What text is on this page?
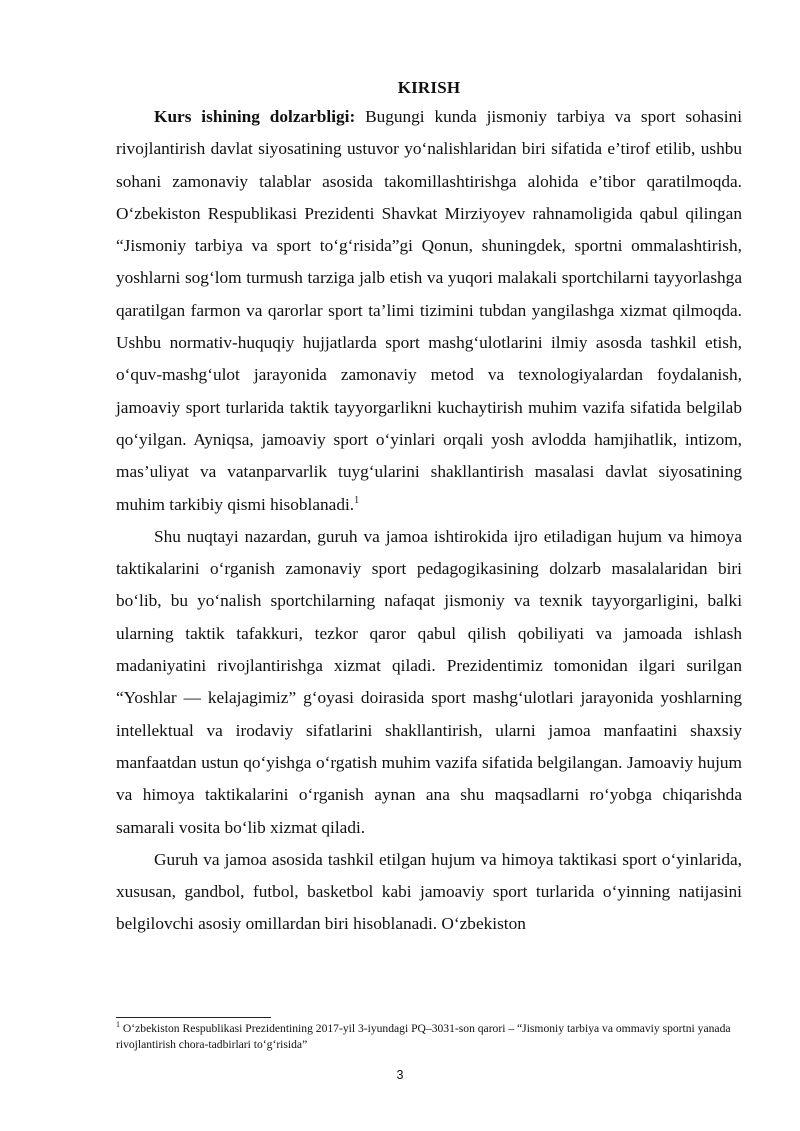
KIRISH

Kurs ishining dolzarbligi: Bugungi kunda jismoniy tarbiya va sport sohasini rivojlantirish davlat siyosatining ustuvor yo‘nalishlaridan biri sifatida e’tirof etilib, ushbu sohani zamonaviy talablar asosida takomillashtirishga alohida e’tibor qaratilmoqda. O‘zbekiston Respublikasi Prezidenti Shavkat Mirziyoyev rahnamoligida qabul qilingan “Jismoniy tarbiya va sport to‘g‘risida”gi Qonun, shuningdek, sportni ommalashtirish, yoshlarni sog‘lom turmush tarziga jalb etish va yuqori malakali sportchilarni tayyorlashga qaratilgan farmon va qarorlar sport ta’limi tizimini tubdan yangilashga xizmat qilmoqda. Ushbu normativ-huquqiy hujjatlarda sport mashg‘ulotlarini ilmiy asosda tashkil etish, o‘quv-mashg‘ulot jarayonida zamonaviy metod va texnologiyalardan foydalanish, jamoaviy sport turlarida taktik tayyorgarlikni kuchaytirish muhim vazifa sifatida belgilab qo‘yilgan. Ayniqsa, jamoaviy sport o‘yinlari orqali yosh avlodda hamjihatlik, intizom, mas’uliyat va vatanparvarlik tuyg‘ularini shakllantirish masalasi davlat siyosatining muhim tarkibiy qismi hisoblanadi.$^1$

Shu nuqtayi nazardan, guruh va jamoa ishtirokida ijro etiladigan hujum va himoya taktikalarini o‘rganish zamonaviy sport pedagogikasining dolzarb masalalaridan biri bo‘lib, bu yo‘nalish sportchilarning nafaqat jismoniy va texnik tayyorgarligini, balki ularning taktik tafakkuri, tezkor qaror qabul qilish qobiliyati va jamoada ishlash madaniyatini rivojlantirishga xizmat qiladi. Prezidentimiz tomonidan ilgari surilgan “Yoshlar — kelajagimiz” g‘oyasi doirasida sport mashg‘ulotlari jarayonida yoshlarning intellektual va irodaviy sifatlarini shakllantirish, ularni jamoa manfaatini shaxsiy manfaatdan ustun qo‘yishga o‘rgatish muhim vazifa sifatida belgilangan. Jamoaviy hujum va himoya taktikalarini o‘rganish aynan ana shu maqsadlarni ro‘yobga chiqarishda samarali vosita bo‘lib xizmat qiladi.

Guruh va jamoa asosida tashkil etilgan hujum va himoya taktikasi sport o‘yinlarida, xususan, gandbol, futbol, basketbol kabi jamoaviy sport turlarida o‘yinning natijasini belgilovchi asosiy omillardan biri hisoblanadi. O‘zbekiston

$^1$ O‘zbekiston Respublikasi Prezidentining 2017-yil 3-iyundagi PQ–3031-son qarori – “Jismoniy tarbiya va ommaviy sportni yanada rivojlantirish chora-tadbirlari to‘g‘risida”
3
